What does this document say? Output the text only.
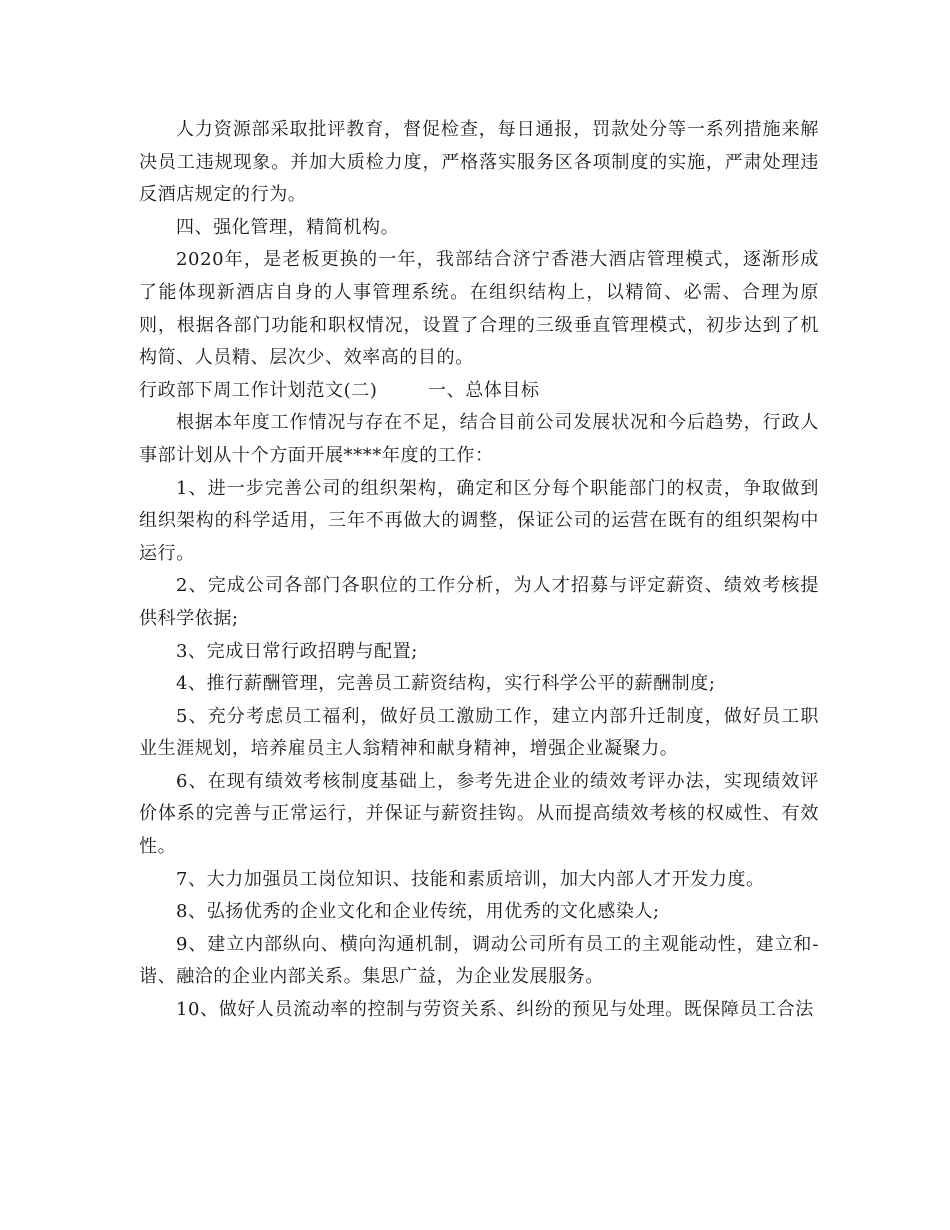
人力资源部采取批评教育，督促检查，每日通报，罚款处分等一系列措施来解决员工违规现象。并加大质检力度，严格落实服务区各项制度的实施，严肃处理违反酒店规定的行为。

四、强化管理，精简机构。

2020年，是老板更换的一年，我部结合济宁香港大酒店管理模式，逐渐形成了能体现新酒店自身的人事管理系统。在组织结构上，以精简、必需、合理为原则，根据各部门功能和职权情况，设置了合理的三级垂直管理模式，初步达到了机构简、人员精、层次少、效率高的目的。

行政部下周工作计划范文(二)	一、总体目标

根据本年度工作情况与存在不足，结合目前公司发展状况和今后趋势，行政人事部计划从十个方面开展****年度的工作：

1、进一步完善公司的组织架构，确定和区分每个职能部门的权责，争取做到组织架构的科学适用，三年不再做大的调整，保证公司的运营在既有的组织架构中运行。

2、完成公司各部门各职位的工作分析，为人才招募与评定薪资、绩效考核提供科学依据;

3、完成日常行政招聘与配置;

4、推行薪酬管理，完善员工薪资结构，实行科学公平的薪酬制度;

5、充分考虑员工福利，做好员工激励工作，建立内部升迁制度，做好员工职业生涯规划，培养雇员主人翁精神和献身精神，增强企业凝聚力。

6、在现有绩效考核制度基础上，参考先进企业的绩效考评办法，实现绩效评价体系的完善与正常运行，并保证与薪资挂钩。从而提高绩效考核的权威性、有效性。

7、大力加强员工岗位知识、技能和素质培训，加大内部人才开发力度。

8、弘扬优秀的企业文化和企业传统，用优秀的文化感染人;

9、建立内部纵向、横向沟通机制，调动公司所有员工的主观能动性，建立和-谐、融洽的企业内部关系。集思广益，为企业发展服务。

10、做好人员流动率的控制与劳资关系、纠纷的预见与处理。既保障员工合法
